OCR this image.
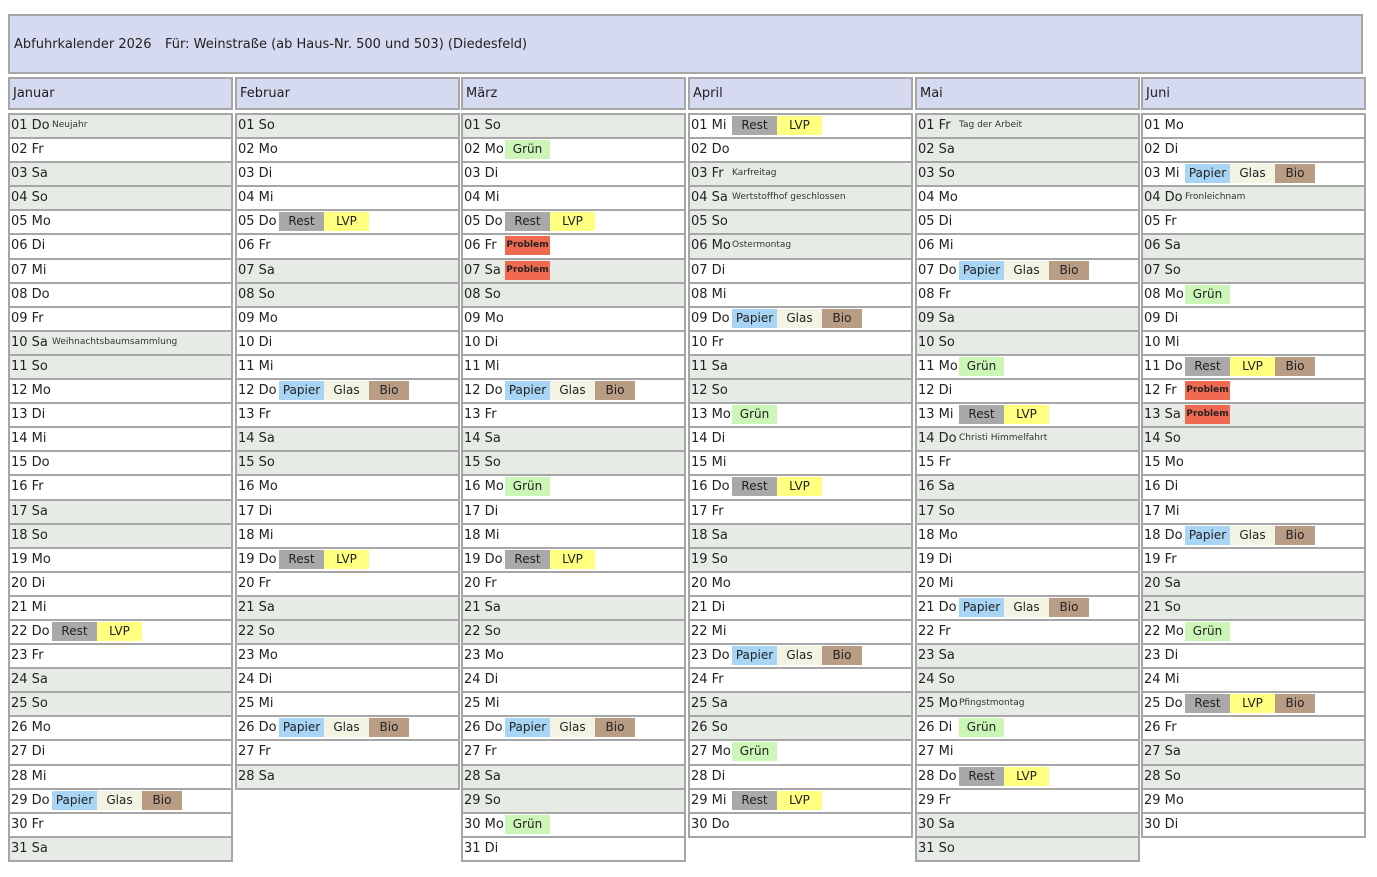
Abfuhrkalender 2026 Für: Weinstraße (ab Haus-Nr. 500 und 503) (Diedesfeld)
Januar
01 Do Neujahr
02 Fr
03 Sa
04 So
05 Mo
06 Di
07 Mi
08 Do
09 Fr
10 Sa Weihnachtsbaumsammlung
11 So
12 Mo
13 Di
14 Mi
15 Do
16 Fr
17 Sa
18 So
19 Mo
20 Di
21 Mi
22 Do Rest	LVP
23 Fr
24 Sa
25 So
26 Mo
27 Di
28 Mi
29 Do Papier	Glas	Bio
30 Fr
31 Sa
Februar
01 So
02 Mo
03 Di
04 Mi
05 Do Rest	LVP
06 Fr
07 Sa
08 So
09 Mo
10 Di
11 Mi
12 Do Papier	Glas	Bio
13 Fr
14 Sa
15 So
16 Mo
17 Di
18 Mi
19 Do Rest	LVP
20 Fr
21 Sa
22 So
23 Mo
24 Di
25 Mi
26 Do Papier	Glas	Bio
27 Fr
28 Sa
März
01 So
02 Mo Grün
03 Di
04 Mi
05 Do Rest	LVP
06 Fr Problem
07 Sa Problem
08 So
09 Mo
10 Di
11 Mi
12 Do Papier	Glas	Bio
13 Fr
14 Sa
15 So
16 Mo Grün
17 Di
18 Mi
19 Do Rest	LVP
20 Fr
21 Sa
22 So
23 Mo
24 Di
25 Mi
26 Do Papier	Glas	Bio
27 Fr
28 Sa
29 So
30 Mo Grün
31 Di
April
01 Mi	Rest	LVP
02 Do
03 Fr Karfreitag
04 Sa Wertstoffhof geschlossen
05 So
06 Mo Ostermontag
07 Di
08 Mi
09 Do Papier	Glas	Bio
10 Fr
11 Sa
12 So
13 Mo Grün
14 Di
15 Mi
16 Do Rest	LVP
17 Fr
18 Sa
19 So
20 Mo
21 Di
22 Mi
23 Do Papier	Glas	Bio
24 Fr
25 Sa
26 So
27 Mo Grün
28 Di
29 Mi	Rest	LVP
30 Do
Mai
01 Fr Tag der Arbeit
02 Sa
03 So
04 Mo
05 Di
06 Mi
07 Do Papier	Glas	Bio
08 Fr
09 Sa
10 So
11 Mo Grün
12 Di
13 Mi	Rest	LVP
14 Do Christi Himmelfahrt
15 Fr
16 Sa
17 So
18 Mo
19 Di
20 Mi
21 Do Papier	Glas	Bio
22 Fr
23 Sa
24 So
25 Mo Pfingstmontag
26 Di	Grün
27 Mi
28 Do Rest	LVP
29 Fr
30 Sa
31 So
Juni
01 Mo
02 Di
03 Mi Papier	Glas	Bio
04 Do Fronleichnam
05 Fr
06 Sa
07 So
08 Mo Grün
09 Di
10 Mi
11 Do Rest	LVP	Bio
12 Fr Problem
13 Sa Problem
14 So
15 Mo
16 Di
17 Mi
18 Do Papier	Glas	Bio
19 Fr
20 Sa
21 So
22 Mo Grün
23 Di
24 Mi
25 Do Rest	LVP	Bio
26 Fr
27 Sa
28 So
29 Mo
30 Di
